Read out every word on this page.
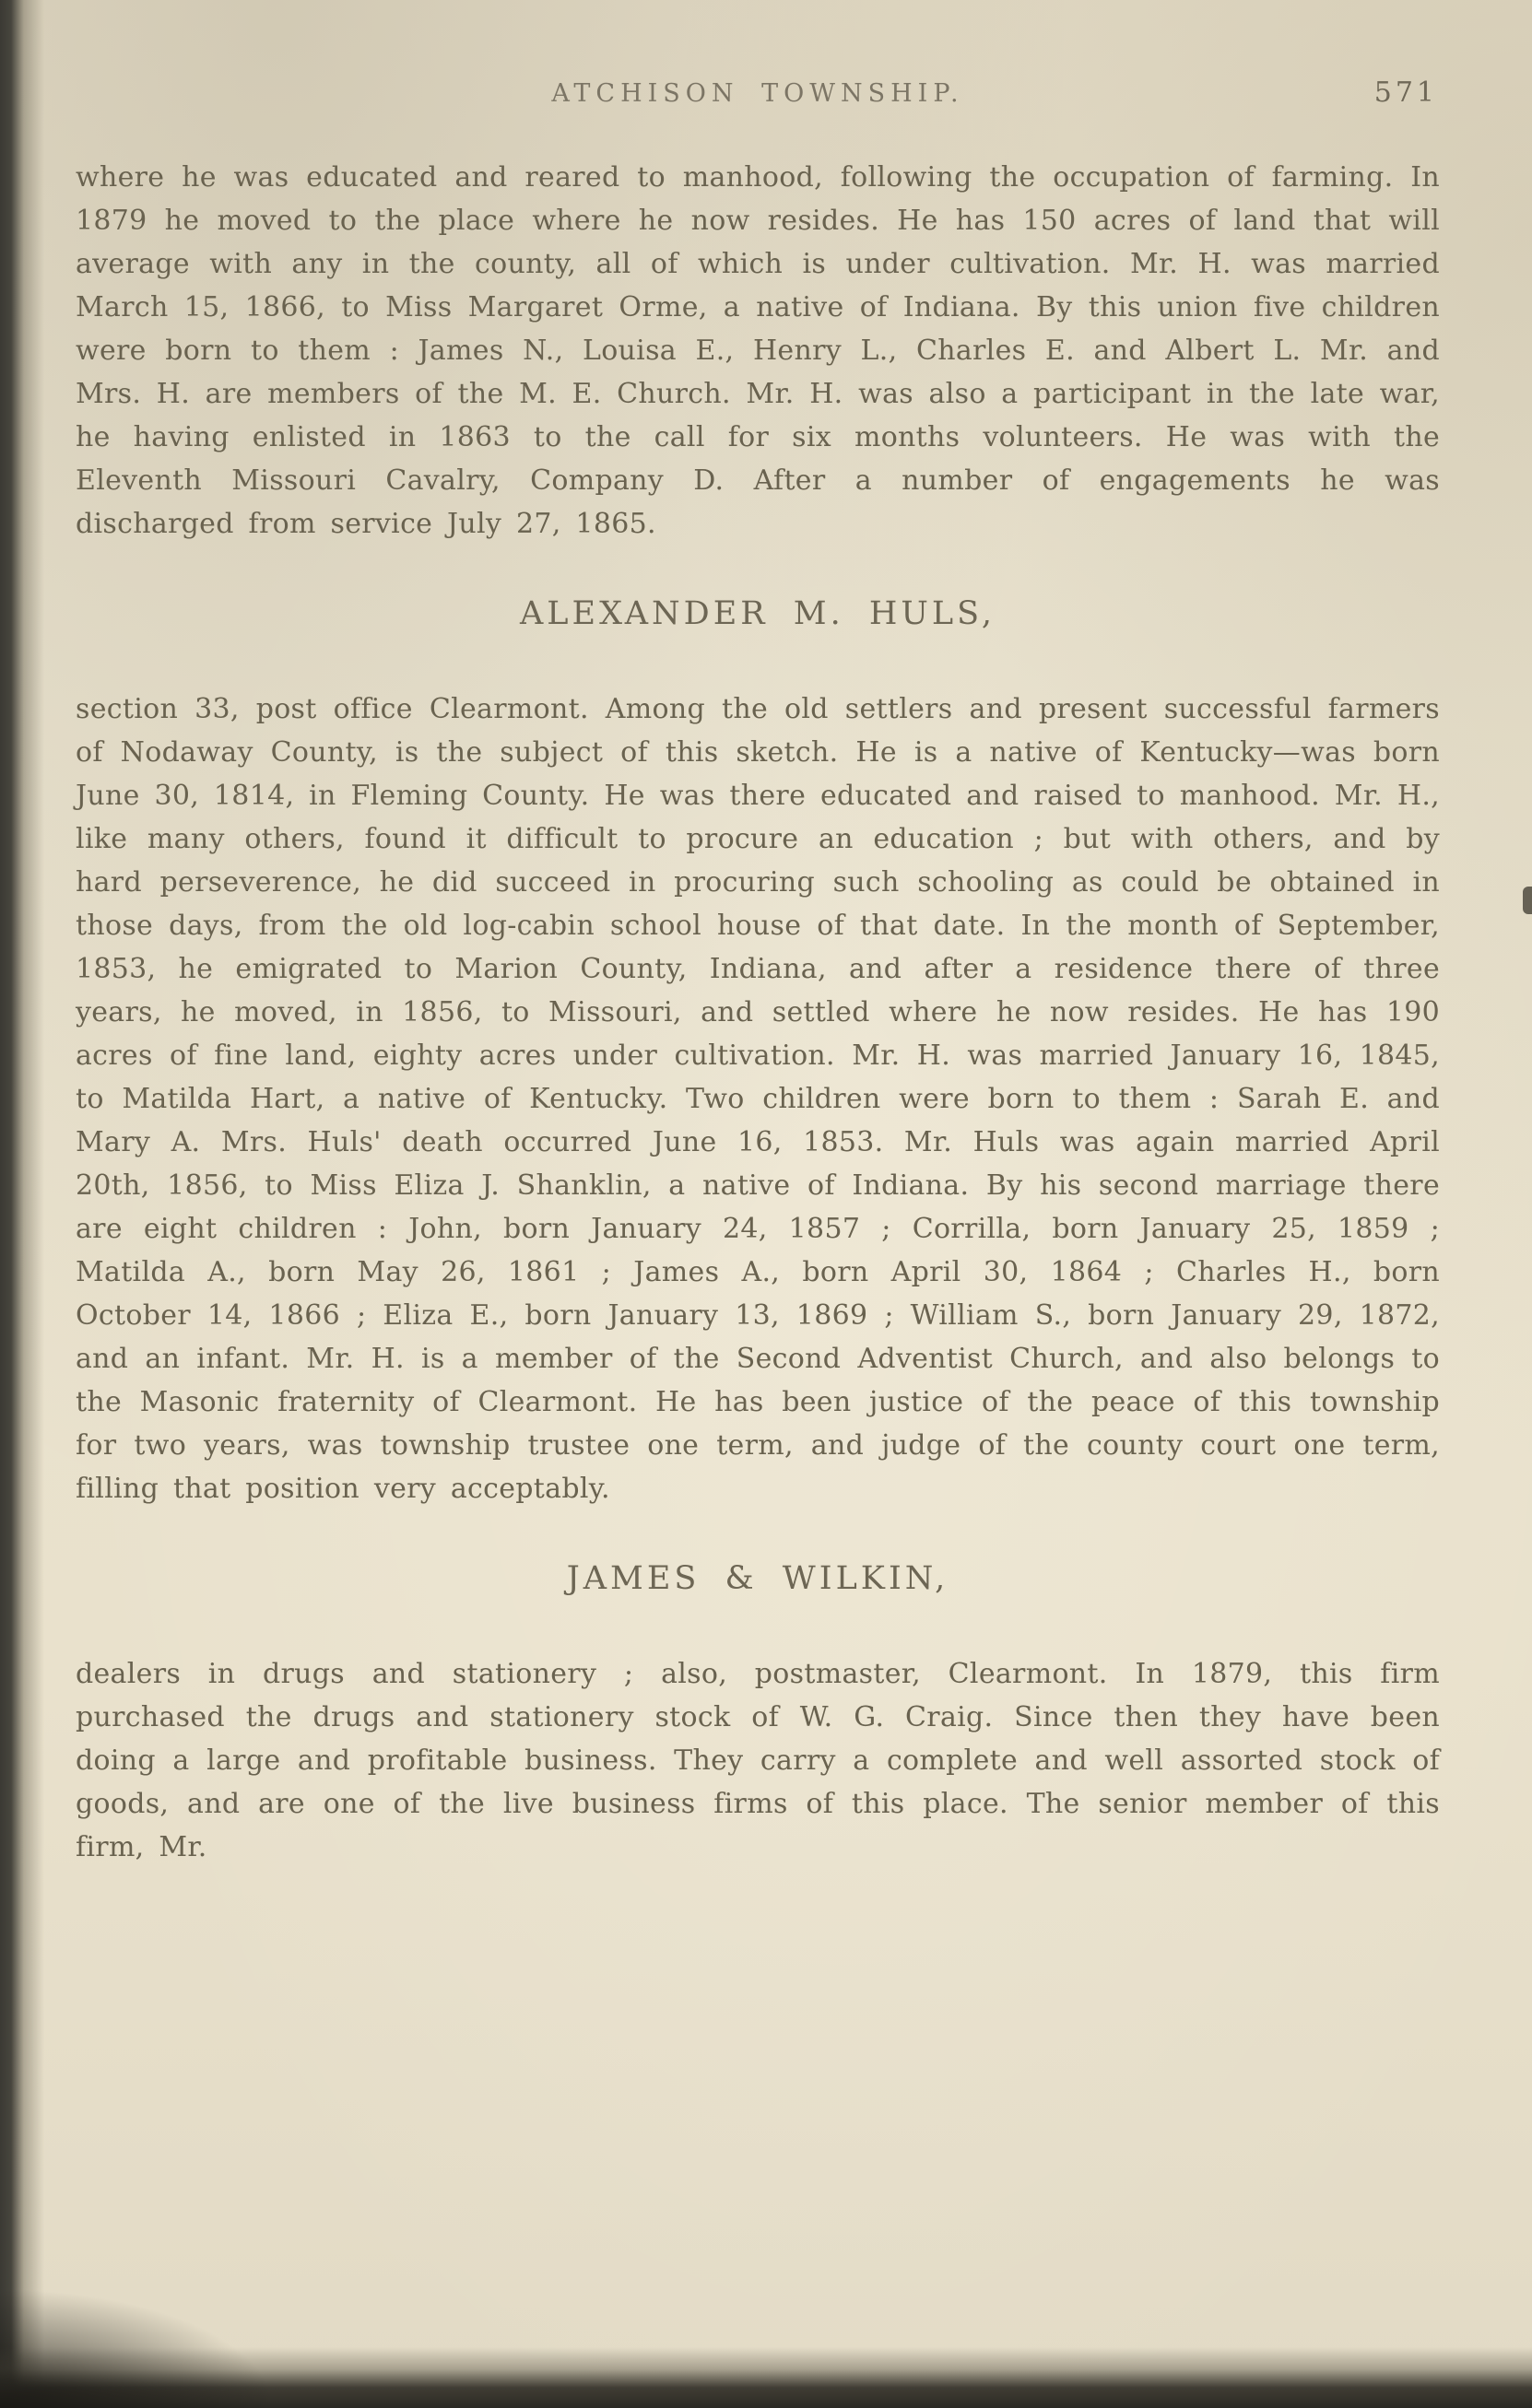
ATCHISON TOWNSHIP.	571

where he was educated and reared to manhood, following the occupation of farming. In 1879 he moved to the place where he now resides. He has 150 acres of land that will average with any in the county, all of which is under cultivation. Mr. H. was married March 15, 1866, to Miss Margaret Orme, a native of Indiana. By this union five children were born to them : James N., Louisa E., Henry L., Charles E. and Albert L. Mr. and Mrs. H. are members of the M. E. Church. Mr. H. was also a participant in the late war, he having enlisted in 1863 to the call for six months volunteers. He was with the Eleventh Missouri Cavalry, Company D. After a number of engagements he was discharged from service July 27, 1865.

ALEXANDER M. HULS,

section 33, post office Clearmont. Among the old settlers and present successful farmers of Nodaway County, is the subject of this sketch. He is a native of Kentucky—was born June 30, 1814, in Fleming County. He was there educated and raised to manhood. Mr. H., like many others, found it difficult to procure an education ; but with others, and by hard perseverence, he did succeed in procuring such schooling as could be obtained in those days, from the old log-cabin school house of that date. In the month of September, 1853, he emigrated to Marion County, Indiana, and after a residence there of three years, he moved, in 1856, to Missouri, and settled where he now resides. He has 190 acres of fine land, eighty acres under cultivation. Mr. H. was married January 16, 1845, to Matilda Hart, a native of Kentucky. Two children were born to them : Sarah E. and Mary A. Mrs. Huls' death occurred June 16, 1853. Mr. Huls was again married April 20th, 1856, to Miss Eliza J. Shanklin, a native of Indiana. By his second marriage there are eight children : John, born January 24, 1857 ; Corrilla, born January 25, 1859 ; Matilda A., born May 26, 1861 ; James A., born April 30, 1864 ; Charles H., born October 14, 1866 ; Eliza E., born January 13, 1869 ; William S., born January 29, 1872, and an infant. Mr. H. is a member of the Second Adventist Church, and also belongs to the Masonic fraternity of Clearmont. He has been justice of the peace of this township for two years, was township trustee one term, and judge of the county court one term, filling that position very acceptably.

JAMES & WILKIN,

dealers in drugs and stationery ; also, postmaster, Clearmont. In 1879, this firm purchased the drugs and stationery stock of W. G. Craig. Since then they have been doing a large and profitable business. They carry a complete and well assorted stock of goods, and are one of the live business firms of this place. The senior member of this firm, Mr.
